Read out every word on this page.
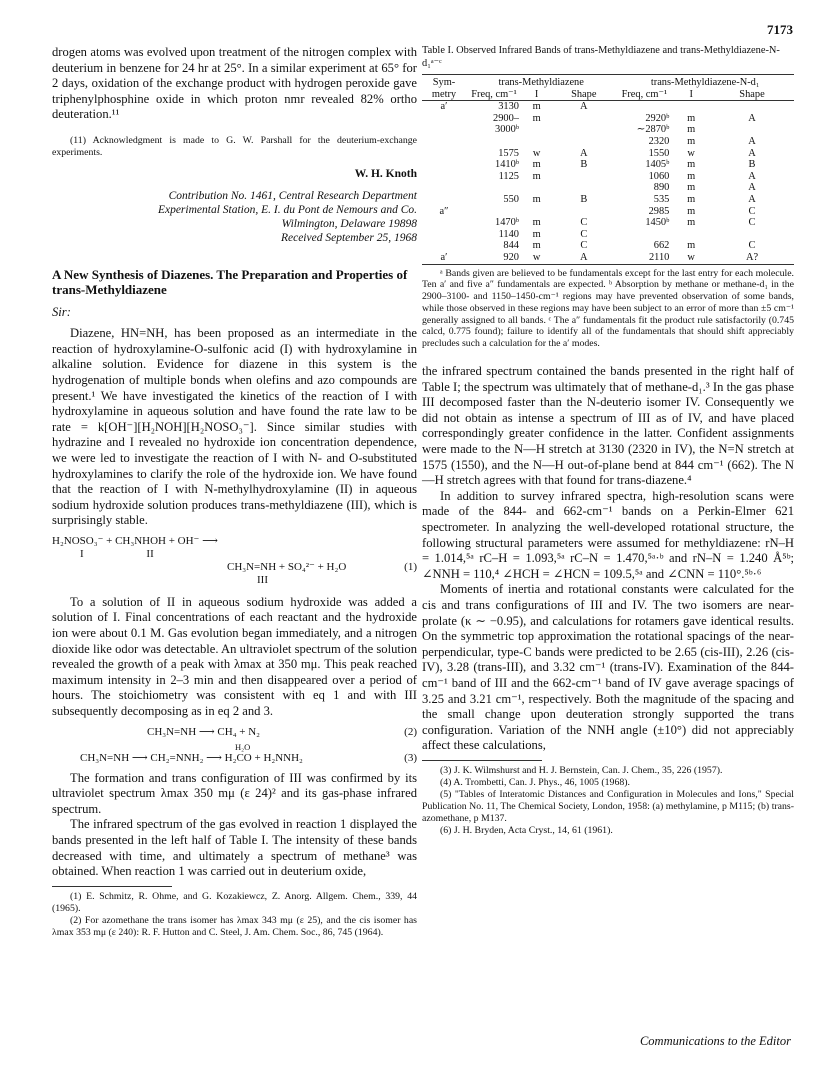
7173

drogen atoms was evolved upon treatment of the nitrogen complex with deuterium in benzene for 24 hr at 25°. In a similar experiment at 65° for 2 days, oxidation of the exchange product with hydrogen peroxide gave triphenylphosphine oxide in which proton nmr revealed 82% ortho deuteration.¹¹

(11) Acknowledgment is made to G. W. Parshall for the deuterium-exchange experiments.

W. H. Knoth
Contribution No. 1461, Central Research Department
Experimental Station, E. I. du Pont de Nemours and Co.
Wilmington, Delaware 19898
Received September 25, 1968
A New Synthesis of Diazenes. The Preparation and Properties of trans-Methyldiazene
Sir:

Diazene, HN=NH, has been proposed as an intermediate in the reaction of hydroxylamine-O-sulfonic acid (I) with hydroxylamine in alkaline solution. Evidence for diazene in this system is the hydrogenation of multiple bonds when olefins and azo compounds are present.¹ We have investigated the kinetics of the reaction of I with hydroxylamine in aqueous solution and have found the rate law to be rate = k[OH⁻][H₂NOH][H₂NOSO₃⁻]. Since similar studies with hydrazine and I revealed no hydroxide ion concentration dependence, we were led to investigate the reaction of I with N- and O-substituted hydroxylamines to clarify the role of the hydroxide ion. We have found that the reaction of I with N-methylhydroxylamine (II) in aqueous sodium hydroxide solution produces trans-methyldiazene (III), which is surprisingly stable.

H₂NOSO₃⁻ + CH₃NHOH + OH⁻ ⟶
I	II
CH₃N=NH + SO₄²⁻ + H₂O	(1)
III

To a solution of II in aqueous sodium hydroxide was added a solution of I. Final concentrations of each reactant and the hydroxide ion were about 0.1 M. Gas evolution began immediately, and a nitrogen dioxide like odor was detectable. An ultraviolet spectrum of the solution revealed the growth of a peak with λmax at 350 mμ. This peak reached maximum intensity in 2–3 min and then disappeared over a period of hours. The stoichiometry was consistent with eq 1 and with III subsequently decomposing as in eq 2 and 3.

CH₃N=NH ⟶ CH₄ + N₂	(2)
H₂O
CH₃N=NH ⟶ CH₂=NNH₂ ⟶ H₂CO + H₂NNH₂	(3)

The formation and trans configuration of III was confirmed by its ultraviolet spectrum λmax 350 mμ (ε 24)² and its gas-phase infrared spectrum.

The infrared spectrum of the gas evolved in reaction 1 displayed the bands presented in the left half of Table I. The intensity of these bands decreased with time, and ultimately a spectrum of methane³ was obtained. When reaction 1 was carried out in deuterium oxide,

(1) E. Schmitz, R. Ohme, and G. Kozakiewcz, Z. Anorg. Allgem. Chem., 339, 44 (1965).

(2) For azomethane the trans isomer has λmax 343 mμ (ε 25), and the cis isomer has λmax 353 mμ (ε 240): R. F. Hutton and C. Steel, J. Am. Chem. Soc., 86, 745 (1964).

Table I. Observed Infrared Bands of trans-Methyldiazene and trans-Methyldiazene-N-d₁ᵃ⁻ᶜ
Sym-metry	trans-Methyldiazene			trans-Methyldiazene-N-d₁		
	Freq, cm⁻¹	I	Shape	Freq, cm⁻¹	I	Shape
a′	3130	m	A			
	2900–	m		2920ᵇ	m	A
	3000ᵇ			∼2870ᵇ	m	
				2320	m	A
	1575	w	A	1550	w	A
	1410ᵇ	m	B	1405ᵇ	m	B
	1125	m		1060	m	A
				890	m	A
	550	m	B	535	m	A
a″				2985	m	C
	1470ᵇ	m	C	1450ᵇ	m	C
	1140	m	C			
	844	m	C	662	m	C
a′	920	w	A	2110	w	A?

ᵃ Bands given are believed to be fundamentals except for the last entry for each molecule. Ten a′ and five a″ fundamentals are expected. ᵇ Absorption by methane or methane-d₁ in the 2900–3100- and 1150–1450-cm⁻¹ regions may have prevented observation of some bands, while those observed in these regions may have been subject to an error of more than ±5 cm⁻¹ generally assigned to all bands. ᶜ The a″ fundamentals fit the product rule satisfactorily (0.745 calcd, 0.775 found); failure to identify all of the fundamentals that should shift appreciably precludes such a calculation for the a′ modes.

the infrared spectrum contained the bands presented in the right half of Table I; the spectrum was ultimately that of methane-d₁.³ In the gas phase III decomposed faster than the N-deuterio isomer IV. Consequently we did not obtain as intense a spectrum of III as of IV, and have placed correspondingly greater confidence in the latter. Confident assignments were made to the N—H stretch at 3130 (2320 in IV), the N=N stretch at 1575 (1550), and the N—H out-of-plane bend at 844 cm⁻¹ (662). The N—H stretch agrees with that found for trans-diazene.⁴

In addition to survey infrared spectra, high-resolution scans were made of the 844- and 662-cm⁻¹ bands on a Perkin-Elmer 621 spectrometer. In analyzing the well-developed rotational structure, the following structural parameters were assumed for methyldiazene: rN–H = 1.014,⁵ᵃ rC–H = 1.093,⁵ᵃ rC–N = 1.470,⁵ᵃ·ᵇ and rN–N = 1.240 Å⁵ᵇ; ∠NNH = 110,⁴ ∠HCH = ∠HCN = 109.5,⁵ᵃ and ∠CNN = 110°.⁵ᵇ·⁶

Moments of inertia and rotational constants were calculated for the cis and trans configurations of III and IV. The two isomers are near-prolate (κ ∼ −0.95), and calculations for rotamers gave identical results. On the symmetric top approximation the rotational spacings of the near-perpendicular, type-C bands were predicted to be 2.65 (cis-III), 2.26 (cis-IV), 3.28 (trans-III), and 3.32 cm⁻¹ (trans-IV). Examination of the 844-cm⁻¹ band of III and the 662-cm⁻¹ band of IV gave average spacings of 3.25 and 3.21 cm⁻¹, respectively. Both the magnitude of the spacing and the small change upon deuteration strongly supported the trans configuration. Variation of the NNH angle (±10°) did not appreciably affect these calculations,

(3) J. K. Wilmshurst and H. J. Bernstein, Can. J. Chem., 35, 226 (1957).

(4) A. Trombetti, Can. J. Phys., 46, 1005 (1968).

(5) "Tables of Interatomic Distances and Configuration in Molecules and Ions," Special Publication No. 11, The Chemical Society, London, 1958: (a) methylamine, p M115; (b) trans-azomethane, p M137.

(6) J. H. Bryden, Acta Cryst., 14, 61 (1961).

Communications to the Editor
